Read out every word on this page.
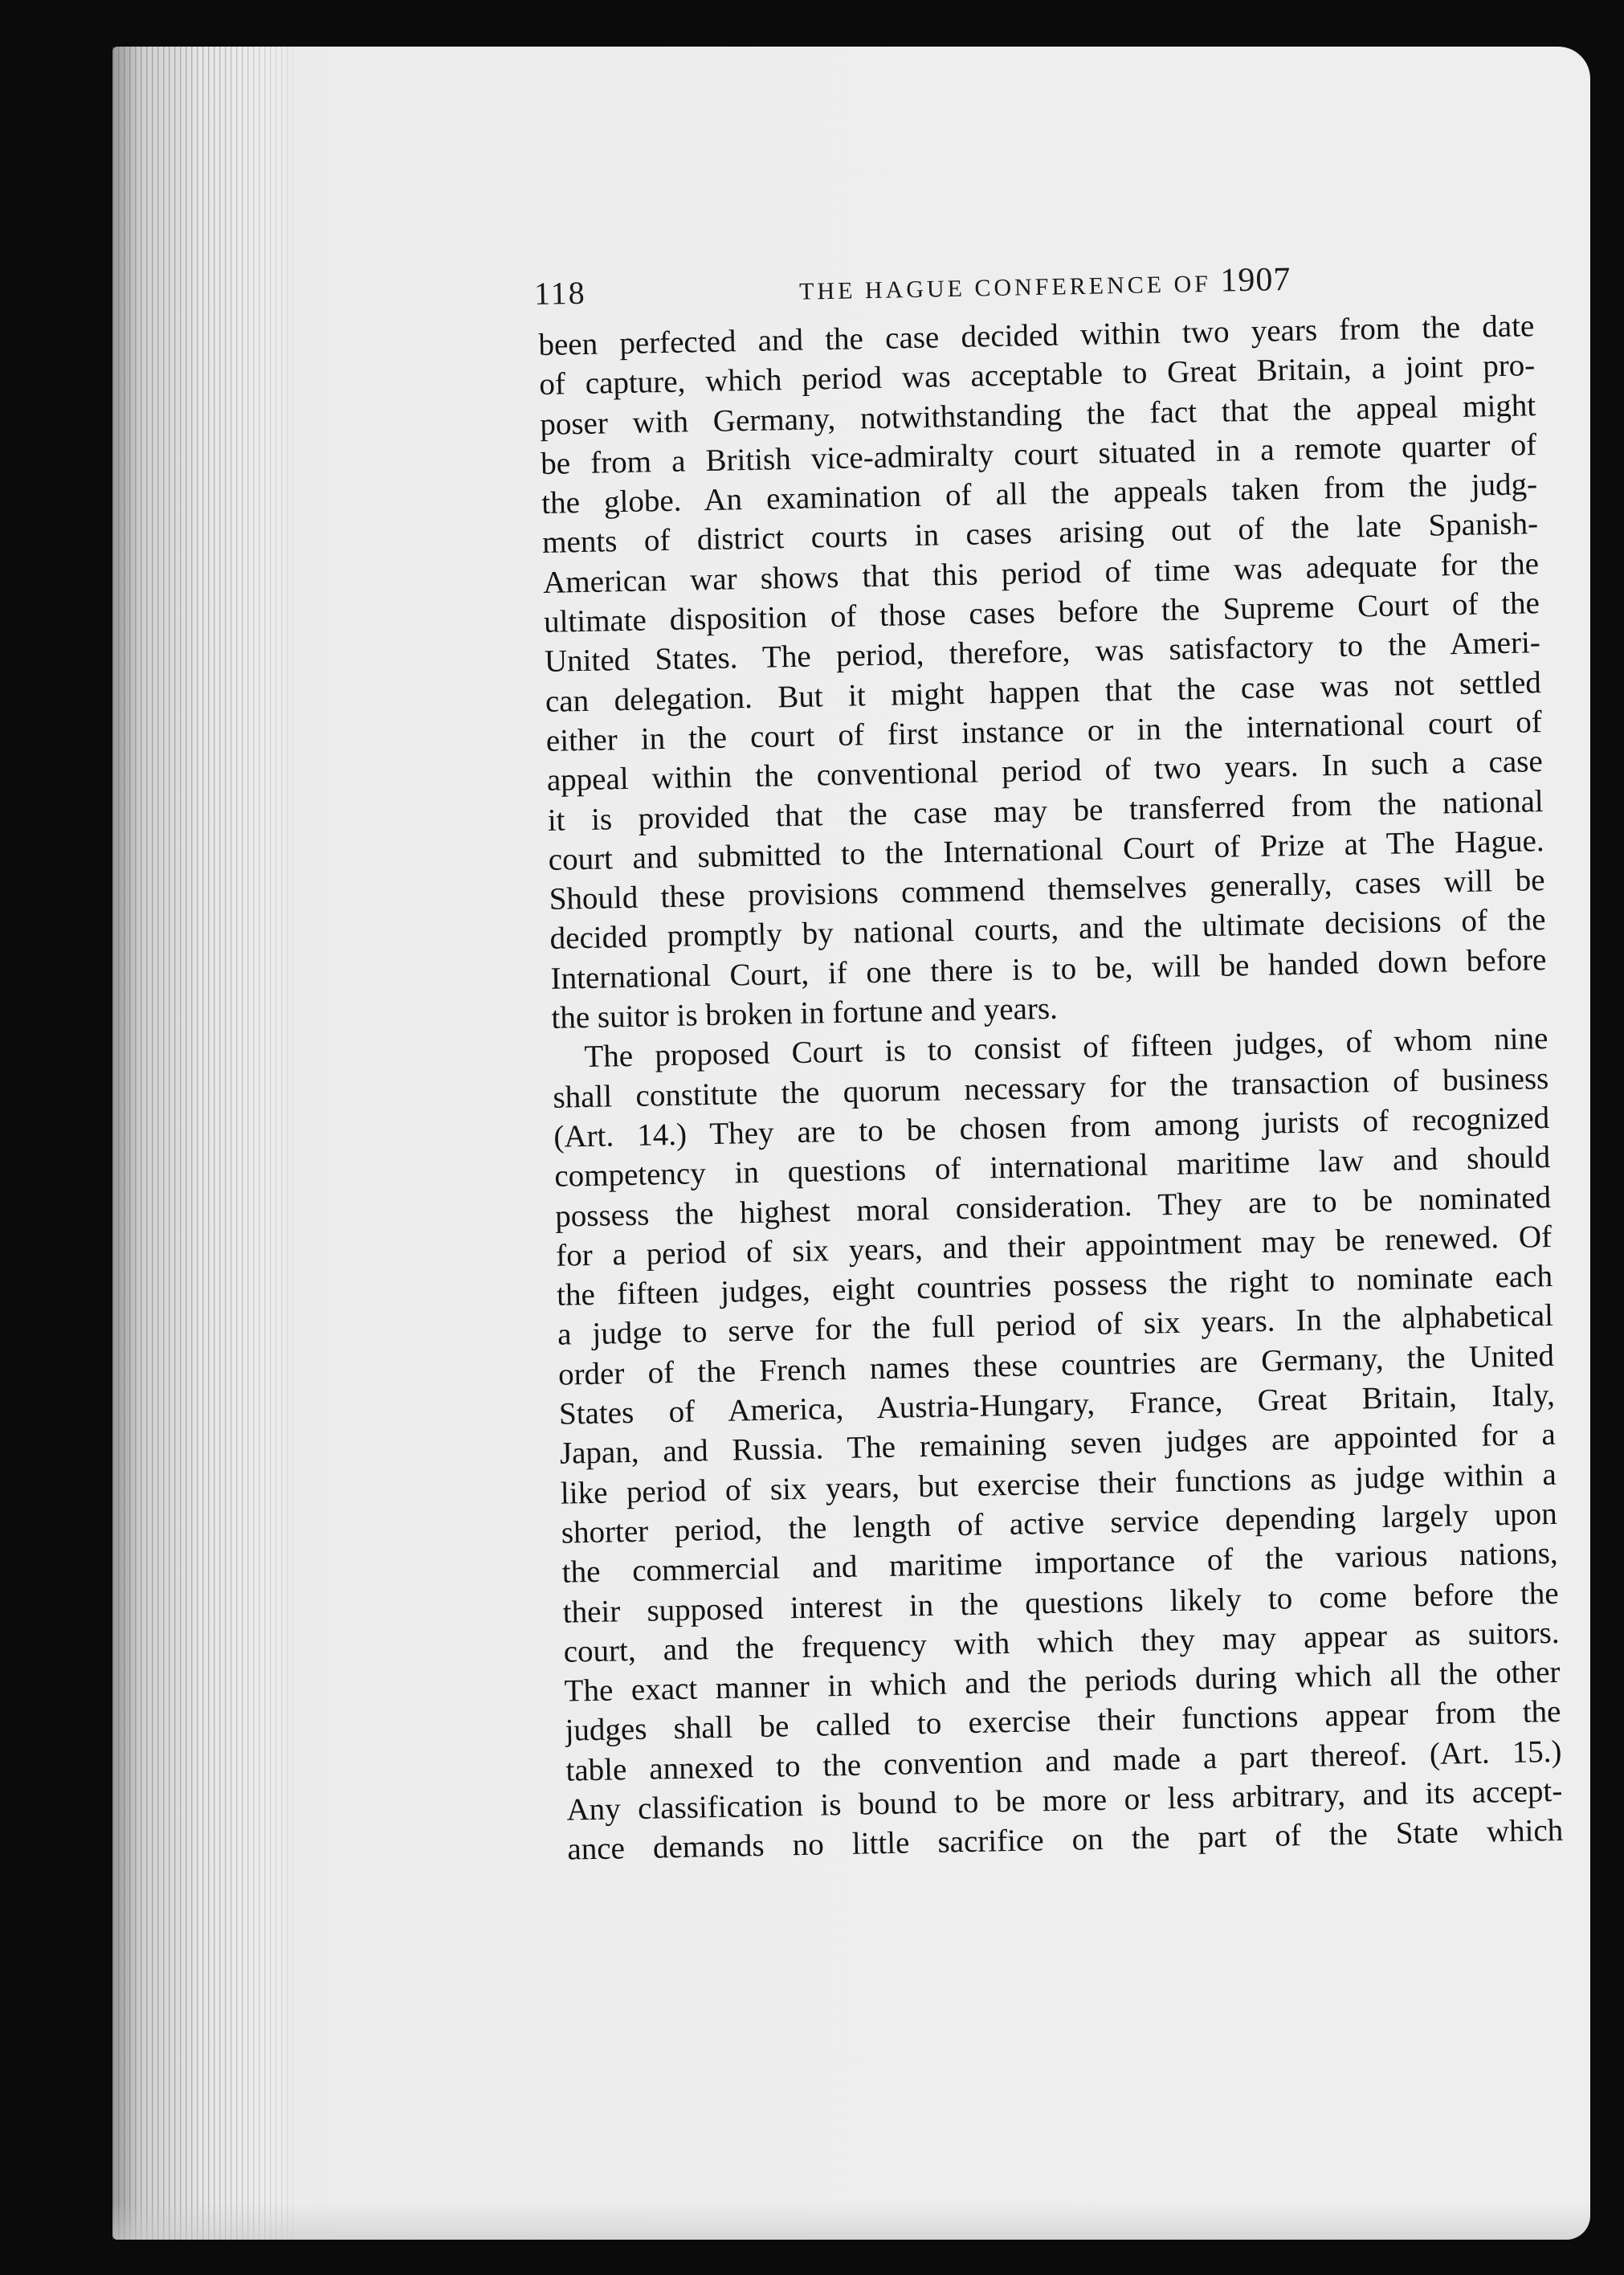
118	THE HAGUE CONFERENCE OF 1907
been perfected and the case decided within two years from the date
of capture, which period was acceptable to Great Britain, a joint pro-
poser with Germany, notwithstanding the fact that the appeal might
be from a British vice-admiralty court situated in a remote quarter of
the globe. An examination of all the appeals taken from the judg-
ments of district courts in cases arising out of the late Spanish-
American war shows that this period of time was adequate for the
ultimate disposition of those cases before the Supreme Court of the
United States. The period, therefore, was satisfactory to the Ameri-
can delegation. But it might happen that the case was not settled
either in the court of first instance or in the international court of
appeal within the conventional period of two years. In such a case
it is provided that the case may be transferred from the national
court and submitted to the International Court of Prize at The Hague.
Should these provisions commend themselves generally, cases will be
decided promptly by national courts, and the ultimate decisions of the
International Court, if one there is to be, will be handed down before
the suitor is broken in fortune and years.
The proposed Court is to consist of fifteen judges, of whom nine
shall constitute the quorum necessary for the transaction of business
(Art. 14.) They are to be chosen from among jurists of recognized
competency in questions of international maritime law and should
possess the highest moral consideration. They are to be nominated
for a period of six years, and their appointment may be renewed. Of
the fifteen judges, eight countries possess the right to nominate each
a judge to serve for the full period of six years. In the alphabetical
order of the French names these countries are Germany, the United
States of America, Austria-Hungary, France, Great Britain, Italy,
Japan, and Russia. The remaining seven judges are appointed for a
like period of six years, but exercise their functions as judge within a
shorter period, the length of active service depending largely upon
the commercial and maritime importance of the various nations,
their supposed interest in the questions likely to come before the
court, and the frequency with which they may appear as suitors.
The exact manner in which and the periods during which all the other
judges shall be called to exercise their functions appear from the
table annexed to the convention and made a part thereof. (Art. 15.)
Any classification is bound to be more or less arbitrary, and its accept-
ance demands no little sacrifice on the part of the State which
